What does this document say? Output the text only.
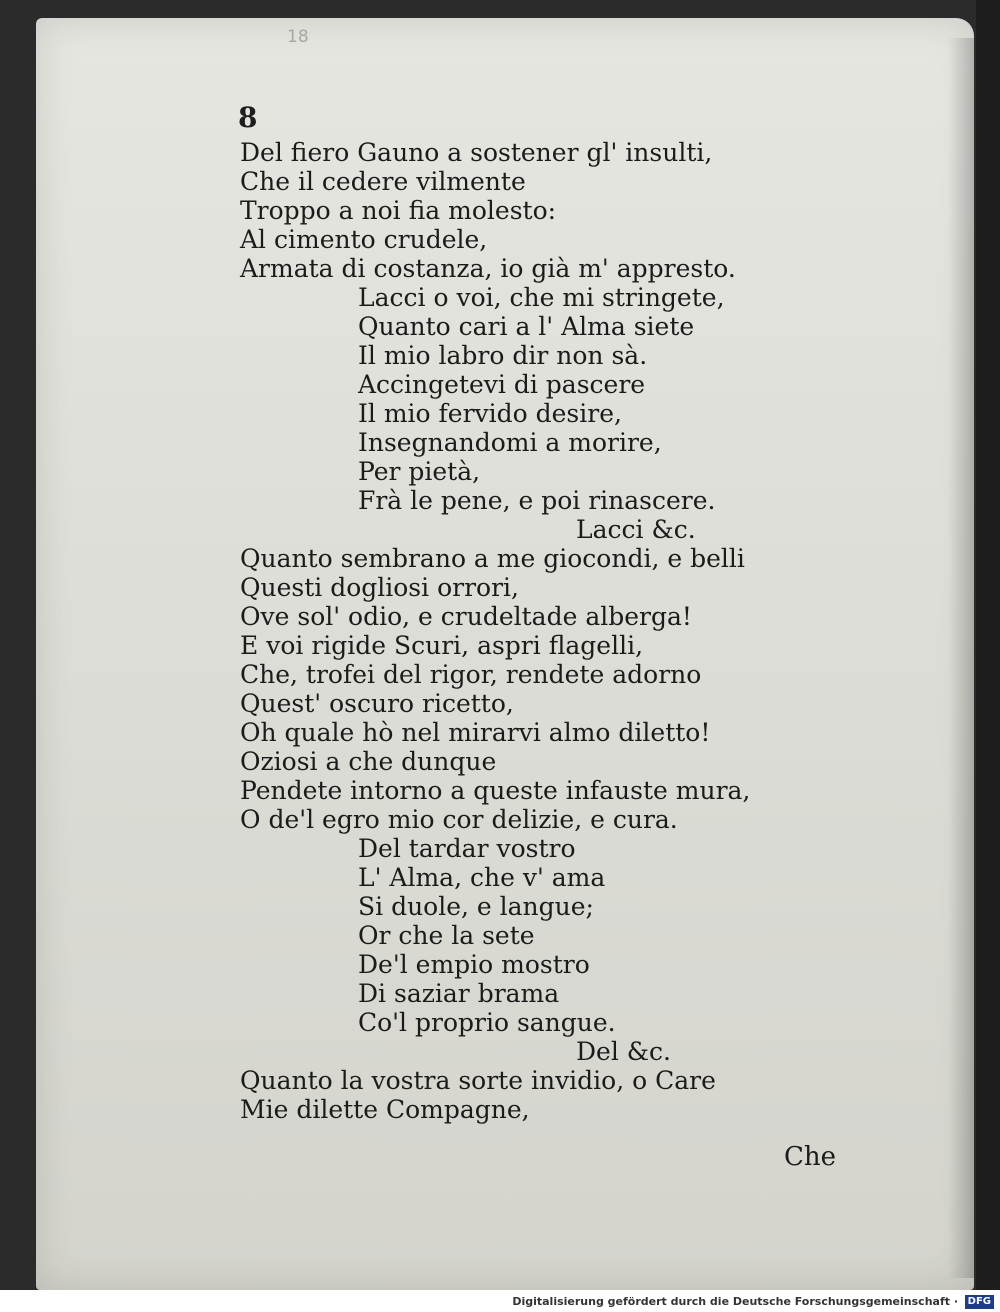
18
8
Del fiero Gauno a sostener gl' insulti,
Che il cedere vilmente
Troppo a noi fia molesto:
Al cimento crudele,
Armata di costanza, io già m' appresto.
Lacci o voi, che mi stringete,
Quanto cari a l' Alma siete
Il mio labro dir non sà.
Accingetevi di pascere
Il mio fervido desire,
Insegnandomi a morire,
Per pietà,
Frà le pene, e poi rinascere.
Lacci &c.
Quanto sembrano a me giocondi, e belli
Questi dogliosi orrori,
Ove sol' odio, e crudeltade alberga!
E voi rigide Scuri, aspri flagelli,
Che, trofei del rigor, rendete adorno
Quest' oscuro ricetto,
Oh quale hò nel mirarvi almo diletto!
Oziosi a che dunque
Pendete intorno a queste infauste mura,
O de'l egro mio cor delizie, e cura.
Del tardar vostro
L' Alma, che v' ama
Si duole, e langue;
Or che la sete
De'l empio mostro
Di saziar brama
Co'l proprio sangue.
Del &c.
Quanto la vostra sorte invidio, o Care
Mie dilette Compagne,
Che
Digitalisierung gefördert durch die Deutsche Forschungsgemeinschaft · DFG
